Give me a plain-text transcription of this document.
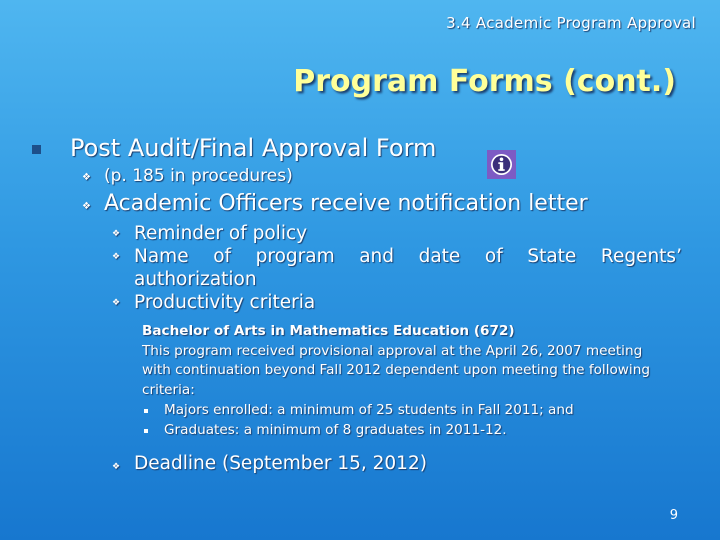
3.4 Academic Program Approval
Program Forms (cont.)
Post Audit/Final Approval Form
❖ (p. 185 in procedures)
❖ Academic Officers receive notification letter
❖ Reminder of policy
❖ Name of program and date of State Regents’
authorization
❖ Productivity criteria
Bachelor of Arts in Mathematics Education (672)
This program received provisional approval at the April 26, 2007 meeting
with continuation beyond Fall 2012 dependent upon meeting the following
criteria:
Majors enrolled: a minimum of 25 students in Fall 2011; and
Graduates: a minimum of 8 graduates in 2011-12.
❖ Deadline (September 15, 2012)
9
